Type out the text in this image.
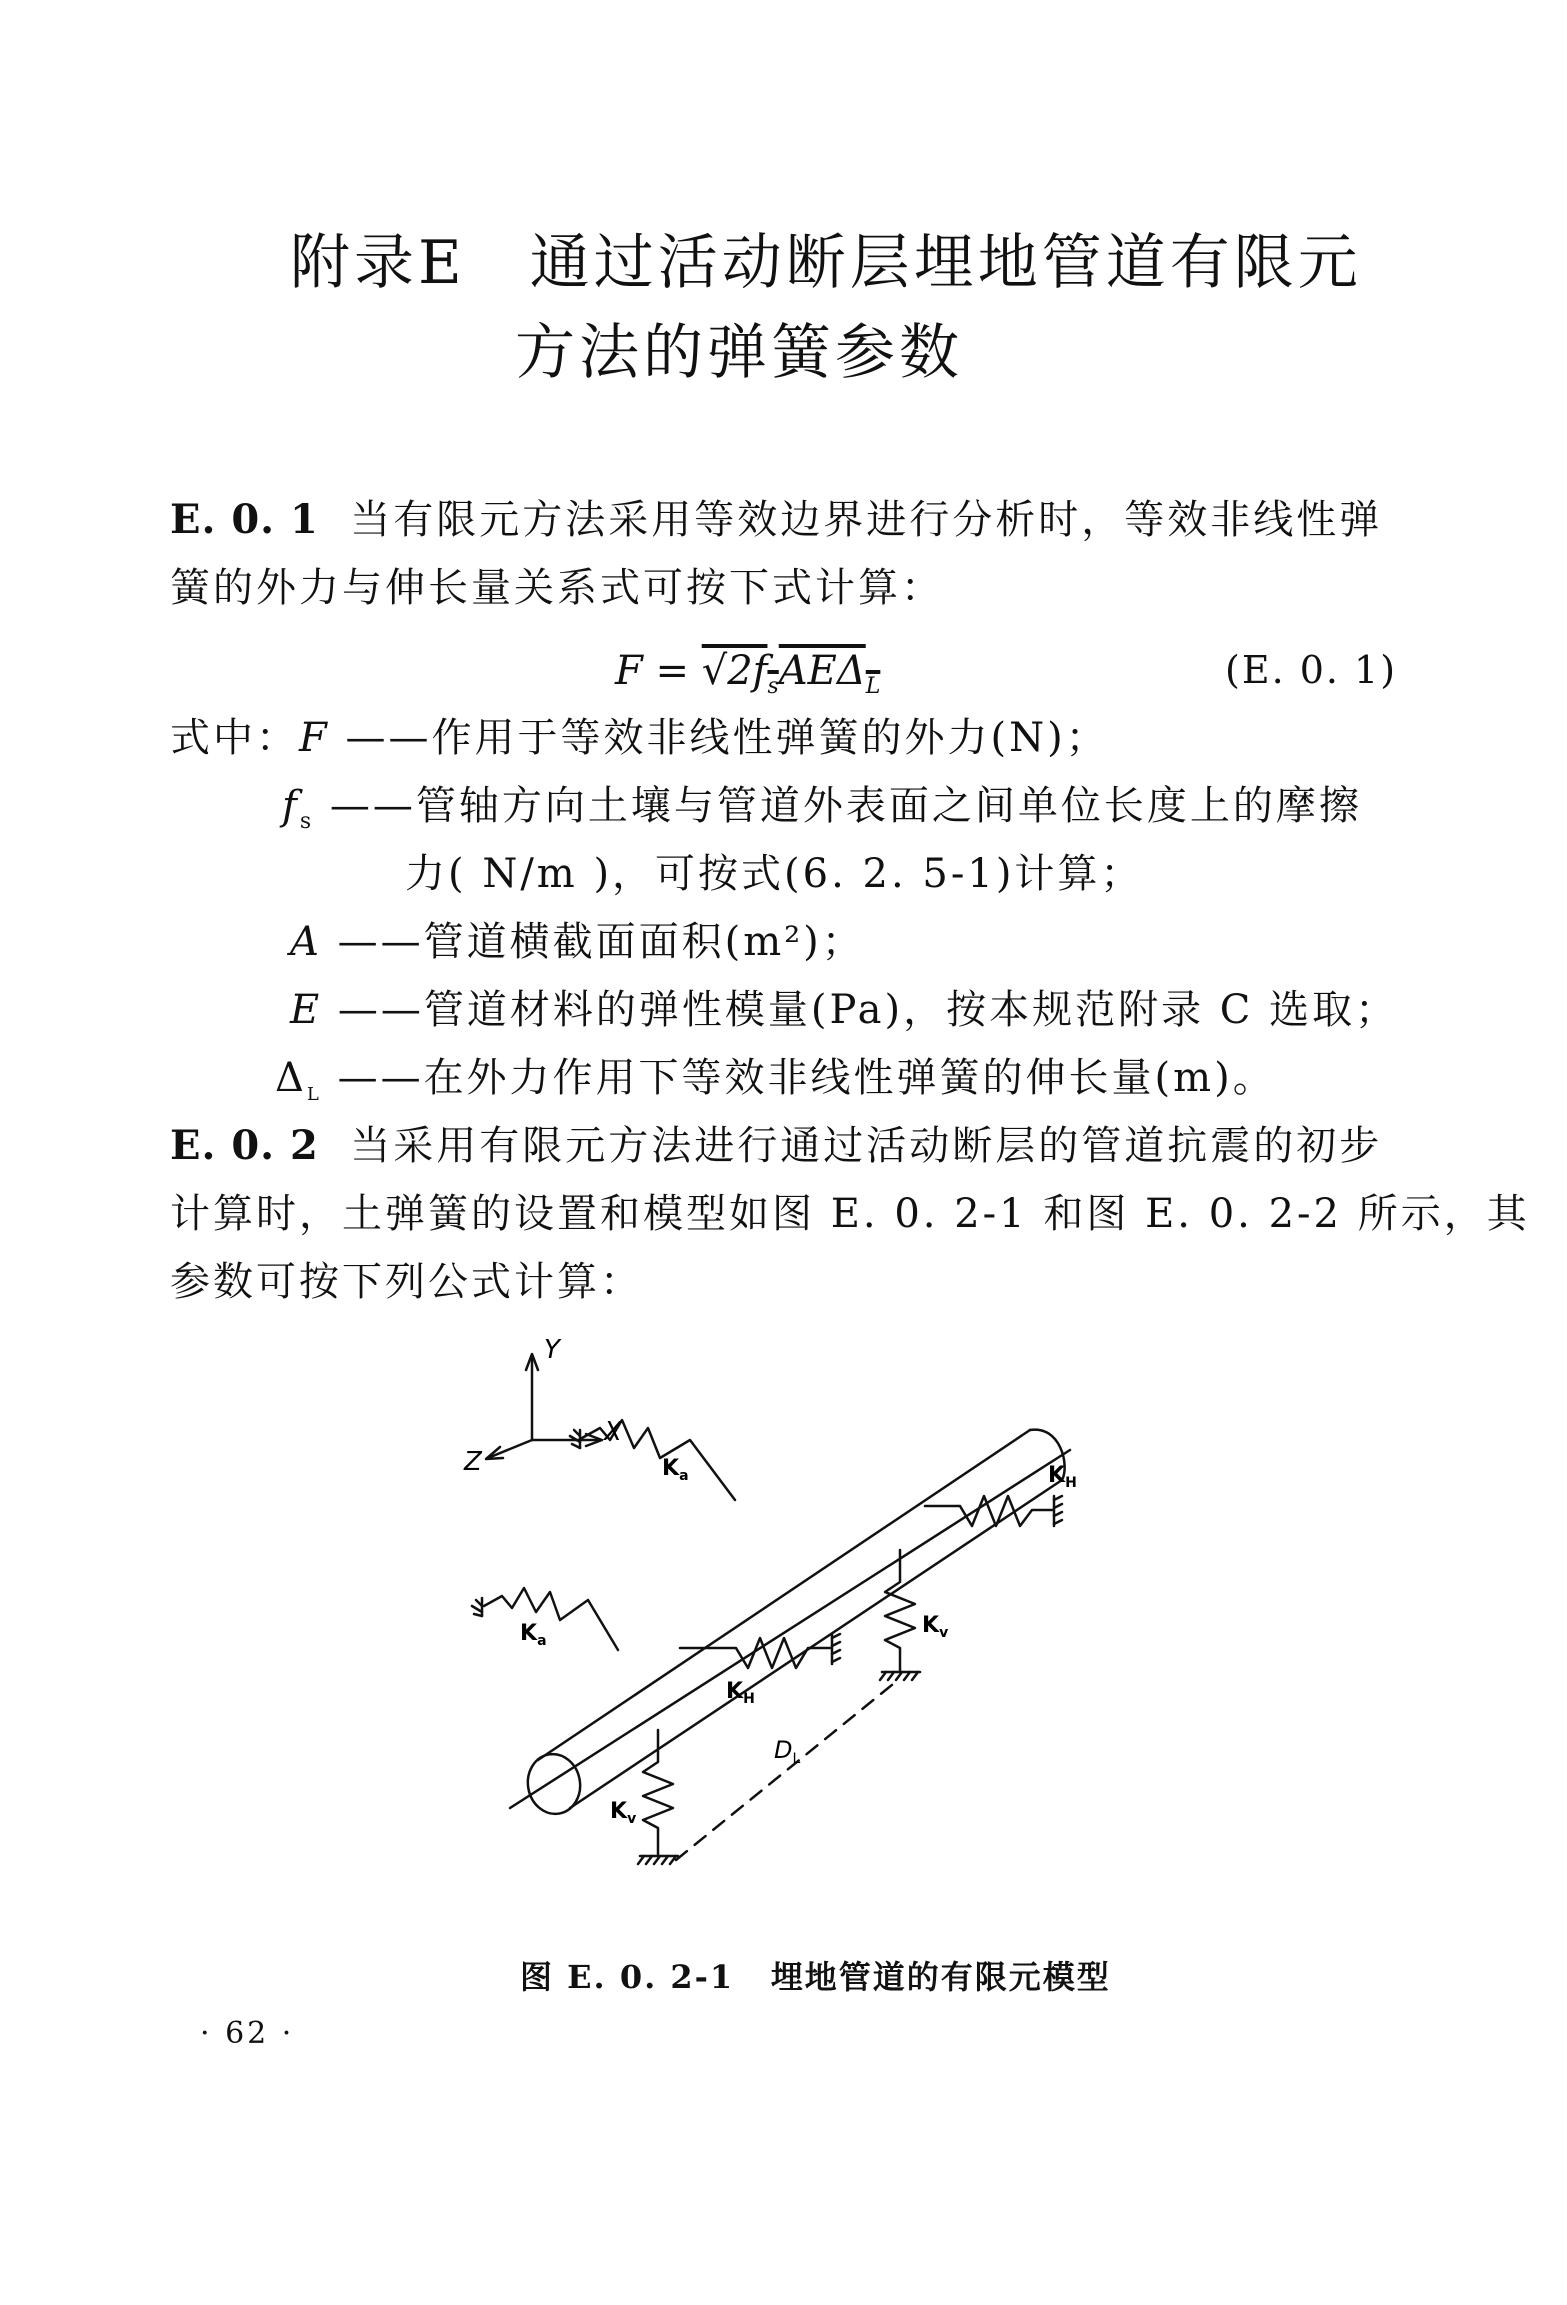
附录E　通过活动断层埋地管道有限元
方法的弹簧参数
E. 0. 1 当有限元方法采用等效边界进行分析时，等效非线性弹
簧的外力与伸长量关系式可按下式计算：
$F = √2f_sAE\Delta_L$	(E. 0. 1)
式中：F ——作用于等效非线性弹簧的外力(N)；
$f_s$ ——管轴方向土壤与管道外表面之间单位长度上的摩擦
力( N/m )，可按式(6. 2. 5-1)计算；
A ——管道横截面面积(m²)；
E ——管道材料的弹性模量(Pa)，按本规范附录 C 选取；
$\Delta_L$ ——在外力作用下等效非线性弹簧的伸长量(m)。
E. 0. 2 当采用有限元方法进行通过活动断层的管道抗震的初步
计算时，土弹簧的设置和模型如图 E. 0. 2-1 和图 E. 0. 2-2 所示，其
参数可按下列公式计算：
Y
X
Z	$K_a$
$K_a$
$K_H$
$K_H$
$K_v$
$K_v$
$D_L$
图 E. 0. 2-1 埋地管道的有限元模型
· 62 ·
